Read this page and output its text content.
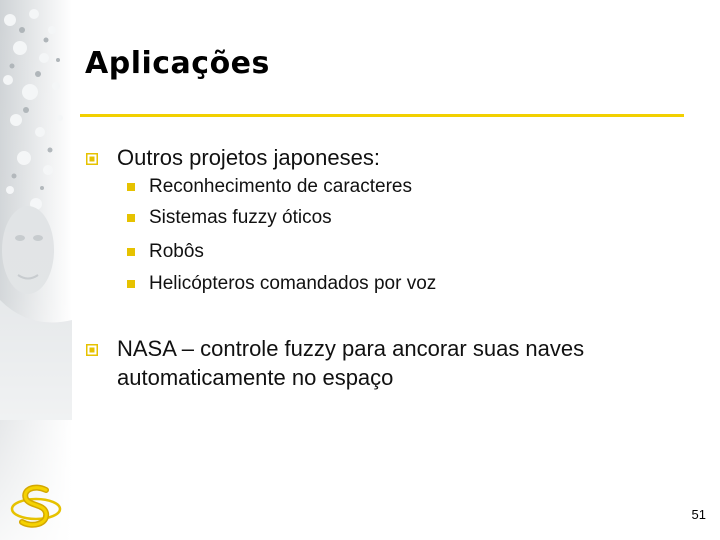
Aplicações
Outros projetos japoneses:
Reconhecimento de caracteres
Sistemas fuzzy óticos
Robôs
Helicópteros comandados por voz
NASA – controle fuzzy para ancorar suas naves
automaticamente no espaço
51
